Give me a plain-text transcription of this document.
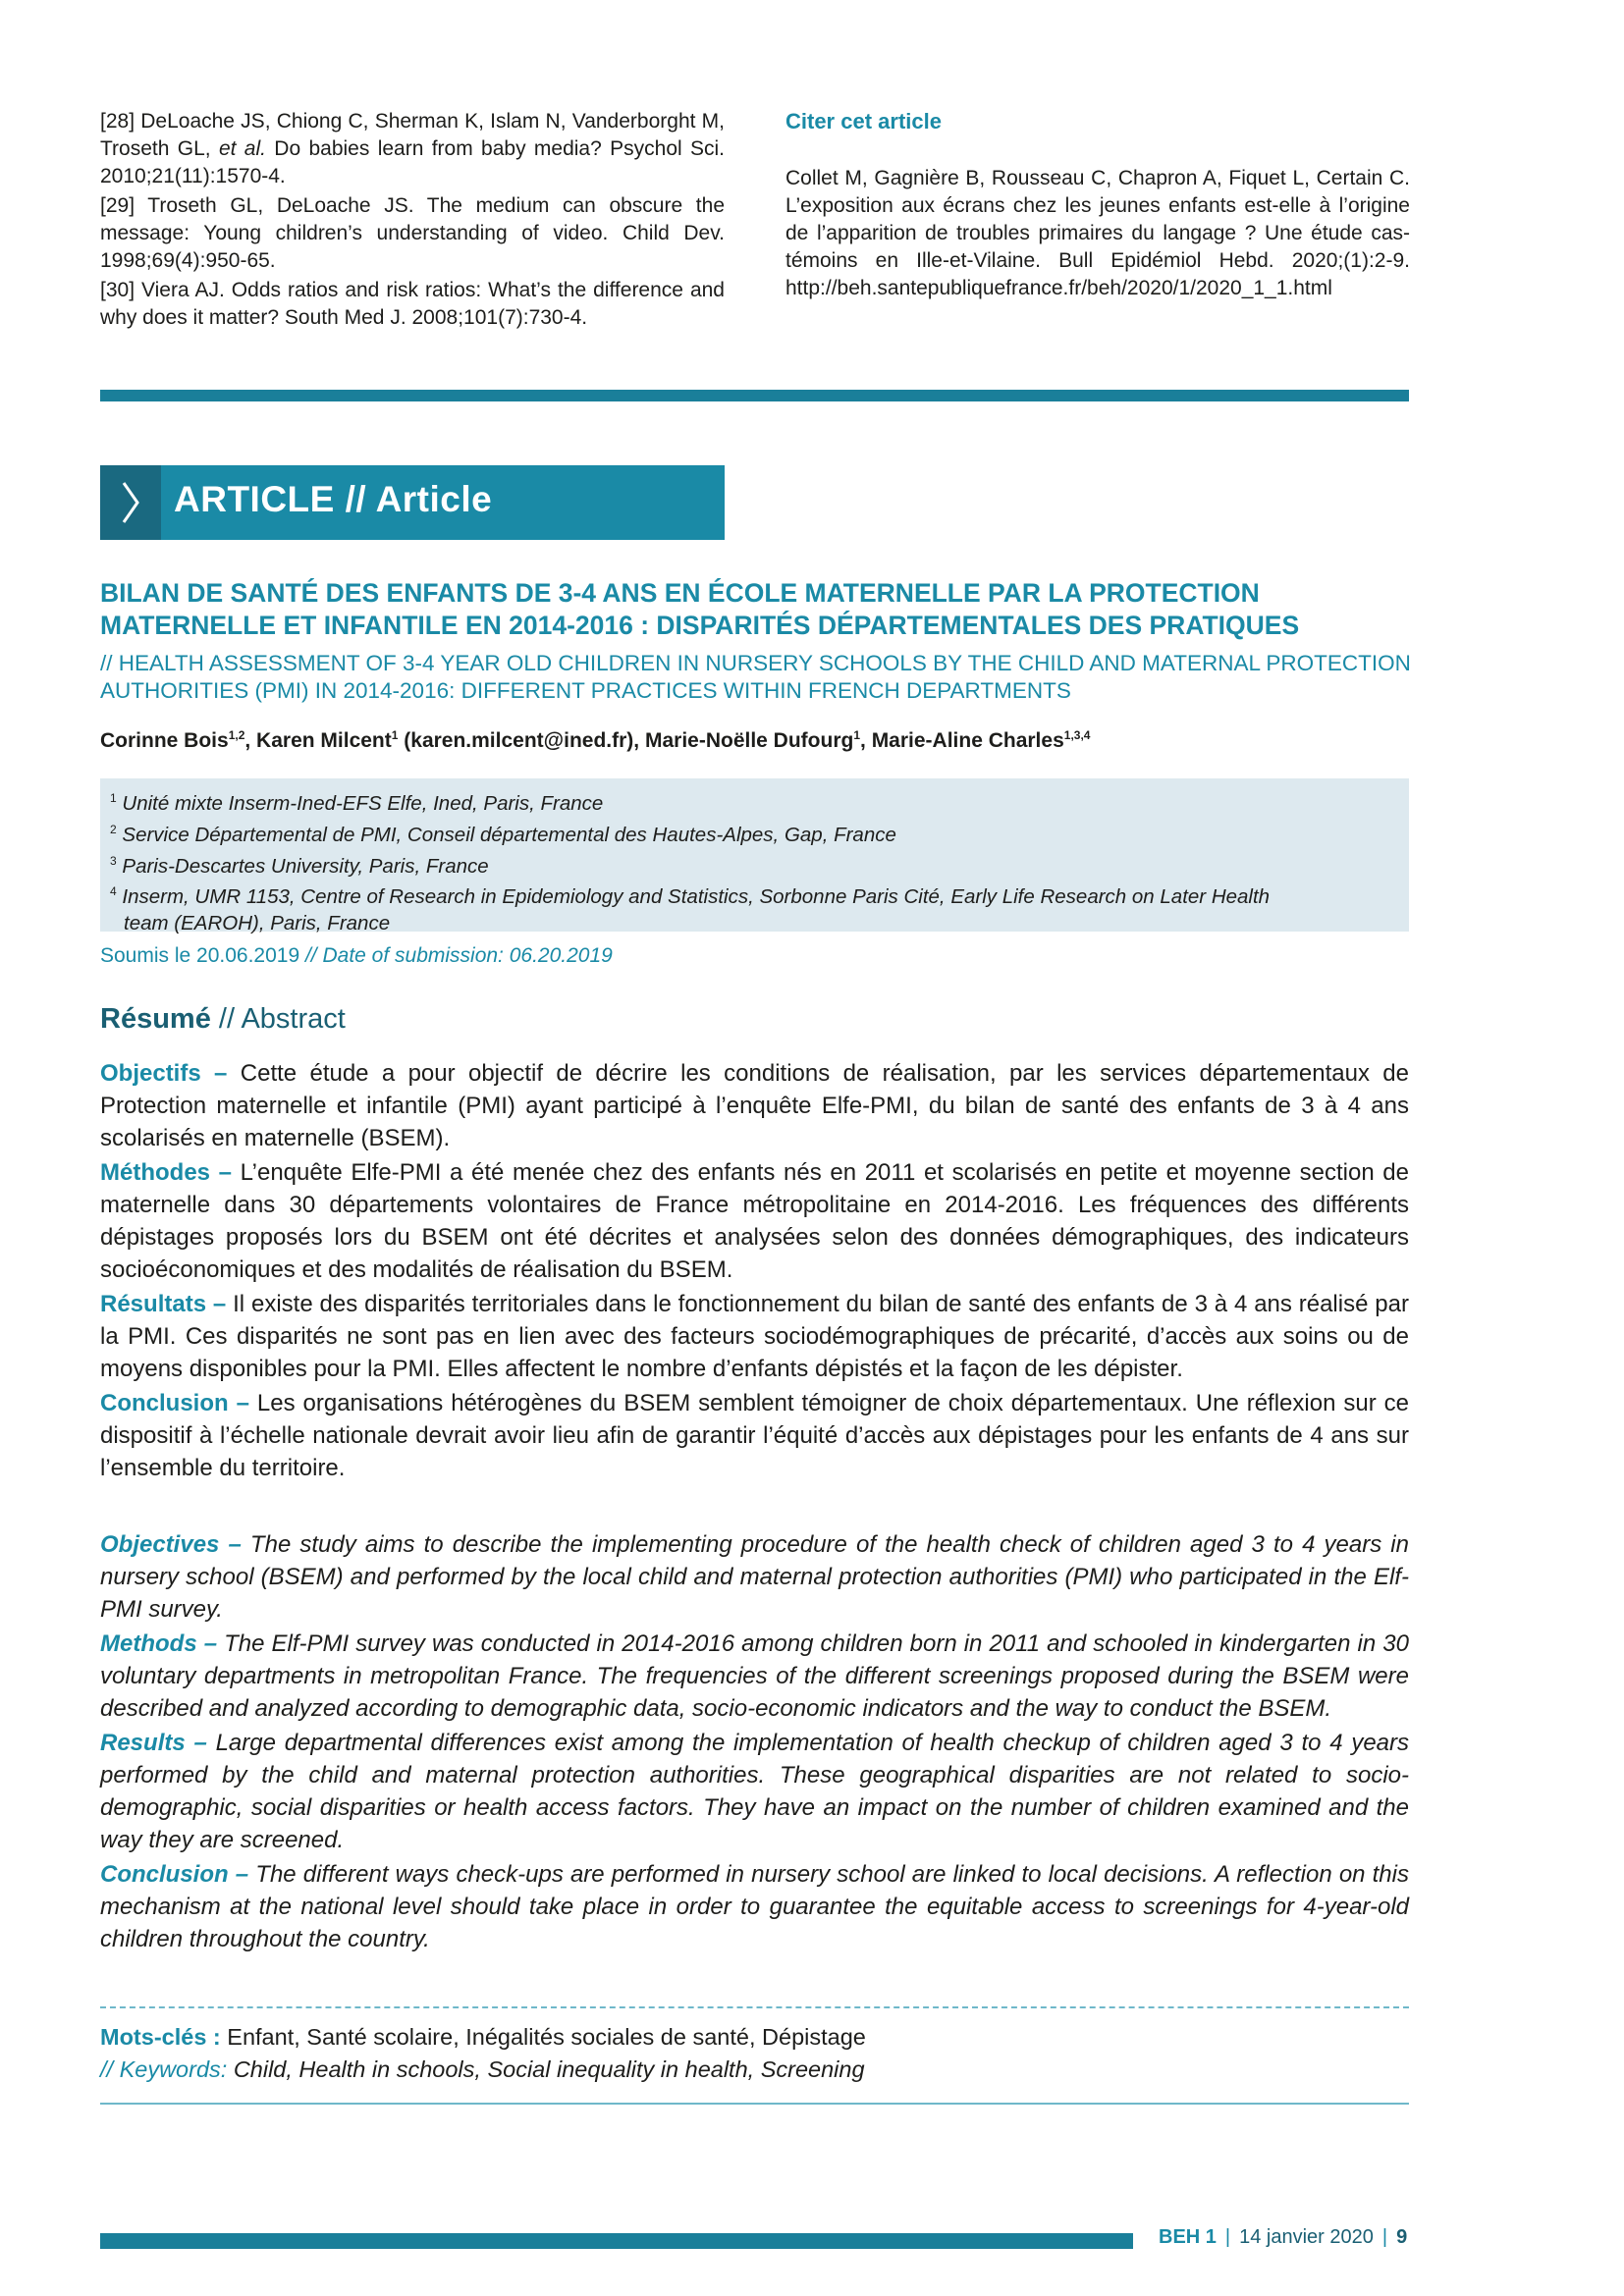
[28] DeLoache JS, Chiong C, Sherman K, Islam N, Vanderborght M, Troseth GL, et al. Do babies learn from baby media? Psychol Sci. 2010;21(11):1570-4.

[29] Troseth GL, DeLoache JS. The medium can obscure the message: Young children’s understanding of video. Child Dev. 1998;69(4):950-65.

[30] Viera AJ. Odds ratios and risk ratios: What’s the difference and why does it matter? South Med J. 2008;101(7):730-4.

Citer cet article
Collet M, Gagnière B, Rousseau C, Chapron A, Fiquet L, Certain C. L’exposition aux écrans chez les jeunes enfants est-elle à l’origine de l’apparition de troubles primaires du langage ? Une étude cas-témoins en Ille-et-Vilaine. Bull Epidémiol Hebd. 2020;(1):2-9. http://beh.santepubliquefrance.fr/beh/2020/1/2020_1_1.html
ARTICLE // Article
BILAN DE SANTÉ DES ENFANTS DE 3-4 ANS EN ÉCOLE MATERNELLE PAR LA PROTECTION MATERNELLE ET INFANTILE EN 2014-2016 : DISPARITÉS DÉPARTEMENTALES DES PRATIQUES
// HEALTH ASSESSMENT OF 3-4 YEAR OLD CHILDREN IN NURSERY SCHOOLS BY THE CHILD AND MATERNAL PROTECTION AUTHORITIES (PMI) IN 2014-2016: DIFFERENT PRACTICES WITHIN FRENCH DEPARTMENTS
Corinne Bois$^{1,2}$, Karen Milcent$^1$ (karen.milcent@ined.fr), Marie-Noëlle Dufourg$^1$, Marie-Aline Charles$^{1,3,4}$
$^1$ Unité mixte Inserm-Ined-EFS Elfe, Ined, Paris, France
$^2$ Service Départemental de PMI, Conseil départemental des Hautes-Alpes, Gap, France
$^3$ Paris-Descartes University, Paris, France
$^4$ Inserm, UMR 1153, Centre of Research in Epidemiology and Statistics, Sorbonne Paris Cité, Early Life Research on Later Health
team (EAROH), Paris, France
Soumis le 20.06.2019 // Date of submission: 06.20.2019
Résumé // Abstract

Objectifs – Cette étude a pour objectif de décrire les conditions de réalisation, par les services départementaux de Protection maternelle et infantile (PMI) ayant participé à l’enquête Elfe-PMI, du bilan de santé des enfants de 3 à 4 ans scolarisés en maternelle (BSEM).

Méthodes – L’enquête Elfe-PMI a été menée chez des enfants nés en 2011 et scolarisés en petite et moyenne section de maternelle dans 30 départements volontaires de France métropolitaine en 2014-2016. Les fréquences des différents dépistages proposés lors du BSEM ont été décrites et analysées selon des données démographiques, des indicateurs socioéconomiques et des modalités de réalisation du BSEM.

Résultats – Il existe des disparités territoriales dans le fonctionnement du bilan de santé des enfants de 3 à 4 ans réalisé par la PMI. Ces disparités ne sont pas en lien avec des facteurs sociodémographiques de précarité, d’accès aux soins ou de moyens disponibles pour la PMI. Elles affectent le nombre d’enfants dépistés et la façon de les dépister.

Conclusion – Les organisations hétérogènes du BSEM semblent témoigner de choix départementaux. Une réflexion sur ce dispositif à l’échelle nationale devrait avoir lieu afin de garantir l’équité d’accès aux dépistages pour les enfants de 4 ans sur l’ensemble du territoire.

Objectives – The study aims to describe the implementing procedure of the health check of children aged 3 to 4 years in nursery school (BSEM) and performed by the local child and maternal protection authorities (PMI) who participated in the Elf-PMI survey.

Methods – The Elf-PMI survey was conducted in 2014-2016 among children born in 2011 and schooled in kindergarten in 30 voluntary departments in metropolitan France. The frequencies of the different screenings proposed during the BSEM were described and analyzed according to demographic data, socio-economic indicators and the way to conduct the BSEM.

Results – Large departmental differences exist among the implementation of health checkup of children aged 3 to 4 years performed by the child and maternal protection authorities. These geographical disparities are not related to socio-demographic, social disparities or health access factors. They have an impact on the number of children examined and the way they are screened.

Conclusion – The different ways check-ups are performed in nursery school are linked to local decisions. A reflection on this mechanism at the national level should take place in order to guarantee the equitable access to screenings for 4-year-old children throughout the country.

Mots-clés : Enfant, Santé scolaire, Inégalités sociales de santé, Dépistage
// Keywords: Child, Health in schools, Social inequality in health, Screening
BEH 1 | 14 janvier 2020 | 9
